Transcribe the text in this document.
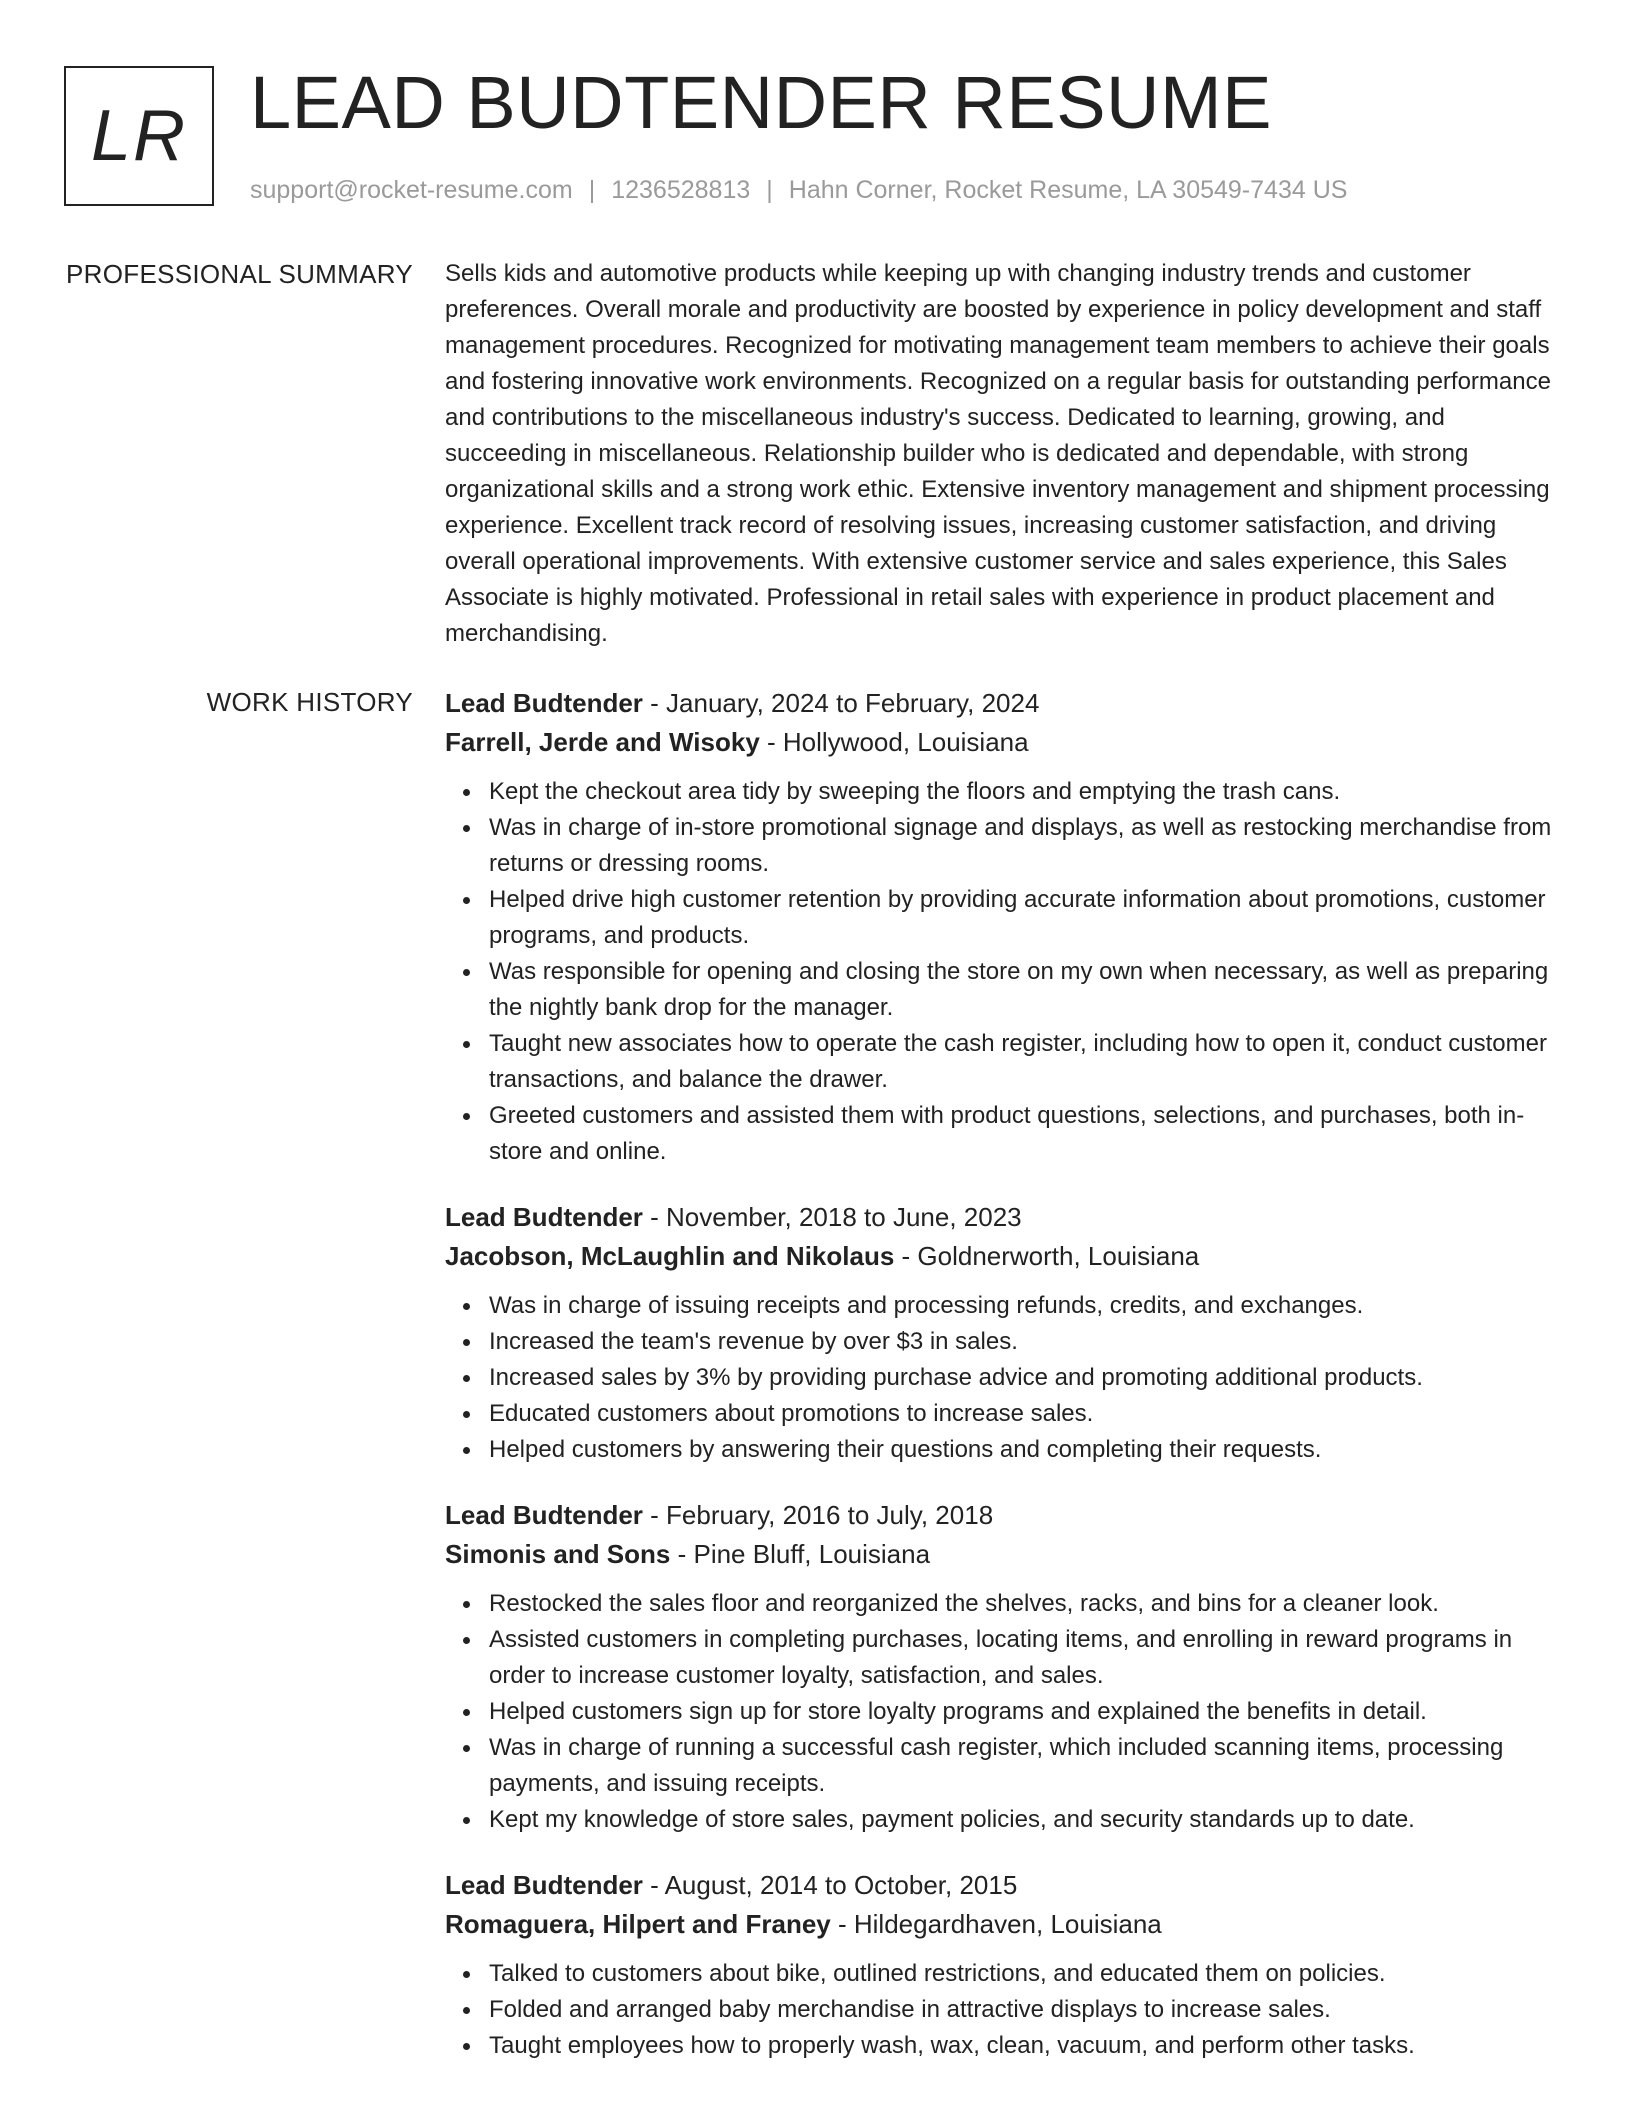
LR LEAD BUDTENDER RESUME
support@rocket-resume.com | 1236528813 | Hahn Corner, Rocket Resume, LA 30549-7434 US
PROFESSIONAL SUMMARY Sells kids and automotive products while keeping up with changing industry trends and customer preferences. Overall morale and productivity are boosted by experience in policy development and staff management procedures. Recognized for motivating management team members to achieve their goals and fostering innovative work environments. Recognized on a regular basis for outstanding performance and contributions to the miscellaneous industry's success. Dedicated to learning, growing, and succeeding in miscellaneous. Relationship builder who is dedicated and dependable, with strong organizational skills and a strong work ethic. Extensive inventory management and shipment processing experience. Excellent track record of resolving issues, increasing customer satisfaction, and driving overall operational improvements. With extensive customer service and sales experience, this Sales Associate is highly motivated. Professional in retail sales with experience in product placement and merchandising.

WORK HISTORY Lead Budtender - January, 2024 to February, 2024
Farrell, Jerde and Wisoky - Hollywood, Louisiana
Kept the checkout area tidy by sweeping the floors and emptying the trash cans.
Was in charge of in-store promotional signage and displays, as well as restocking merchandise from returns or dressing rooms.
Helped drive high customer retention by providing accurate information about promotions, customer programs, and products.
Was responsible for opening and closing the store on my own when necessary, as well as preparing the nightly bank drop for the manager.
Taught new associates how to operate the cash register, including how to open it, conduct customer transactions, and balance the drawer.
Greeted customers and assisted them with product questions, selections, and purchases, both in-store and online.
Lead Budtender - November, 2018 to June, 2023
Jacobson, McLaughlin and Nikolaus - Goldnerworth, Louisiana
Was in charge of issuing receipts and processing refunds, credits, and exchanges.
Increased the team's revenue by over $3 in sales.
Increased sales by 3% by providing purchase advice and promoting additional products.
Educated customers about promotions to increase sales.
Helped customers by answering their questions and completing their requests.
Lead Budtender - February, 2016 to July, 2018
Simonis and Sons - Pine Bluff, Louisiana
Restocked the sales floor and reorganized the shelves, racks, and bins for a cleaner look.
Assisted customers in completing purchases, locating items, and enrolling in reward programs in order to increase customer loyalty, satisfaction, and sales.
Helped customers sign up for store loyalty programs and explained the benefits in detail.
Was in charge of running a successful cash register, which included scanning items, processing payments, and issuing receipts.
Kept my knowledge of store sales, payment policies, and security standards up to date.
Lead Budtender - August, 2014 to October, 2015
Romaguera, Hilpert and Franey - Hildegardhaven, Louisiana
Talked to customers about bike, outlined restrictions, and educated them on policies.
Folded and arranged baby merchandise in attractive displays to increase sales.
Taught employees how to properly wash, wax, clean, vacuum, and perform other tasks.
